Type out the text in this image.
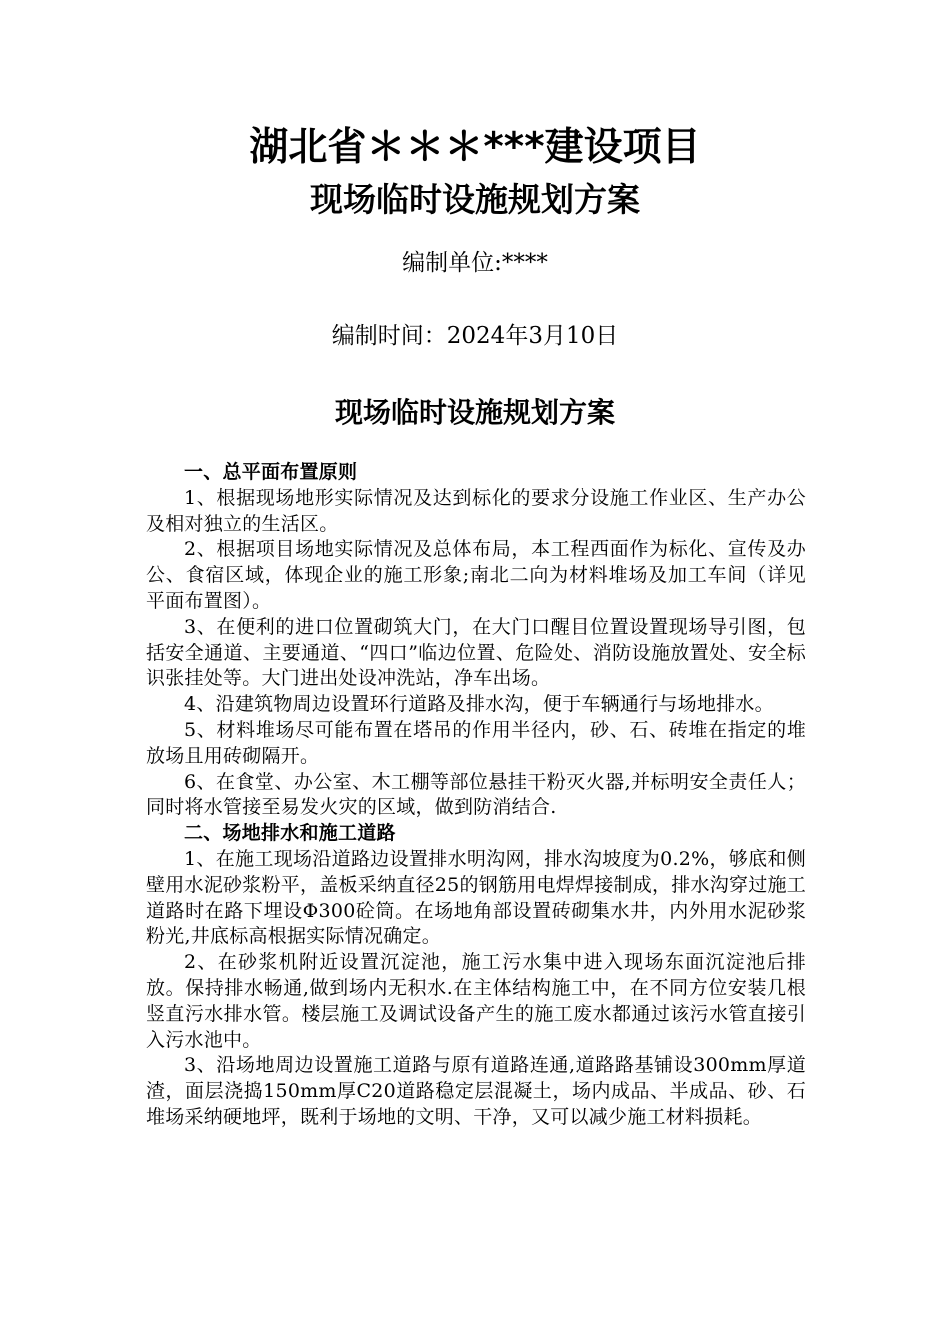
湖北省＊＊＊***建设项目
现场临时设施规划方案
编制单位:****
编制时间：2024年3月10日
现场临时设施规划方案
一、总平面布置原则

1、根据现场地形实际情况及达到标化的要求分设施工作业区、生产办公及相对独立的生活区。

2、根据项目场地实际情况及总体布局，本工程西面作为标化、宣传及办公、食宿区域，体现企业的施工形象;南北二向为材料堆场及加工车间（详见平面布置图）。

3、在便利的进口位置砌筑大门，在大门口醒目位置设置现场导引图，包括安全通道、主要通道、“四口”临边位置、危险处、消防设施放置处、安全标识张挂处等。大门进出处设冲洗站，净车出场。

4、沿建筑物周边设置环行道路及排水沟，便于车辆通行与场地排水。

5、材料堆场尽可能布置在塔吊的作用半径内，砂、石、砖堆在指定的堆放场且用砖砌隔开。

6、在食堂、办公室、木工棚等部位悬挂干粉灭火器,并标明安全责任人；同时将水管接至易发火灾的区域，做到防消结合.

二、场地排水和施工道路

1、在施工现场沿道路边设置排水明沟网，排水沟坡度为0.2%，够底和侧壁用水泥砂浆粉平，盖板采纳直径25的钢筋用电焊焊接制成，排水沟穿过施工道路时在路下埋设Φ300砼筒。在场地角部设置砖砌集水井，内外用水泥砂浆粉光,井底标高根据实际情况确定。

2、在砂浆机附近设置沉淀池，施工污水集中进入现场东面沉淀池后排放。保持排水畅通,做到场内无积水.在主体结构施工中，在不同方位安装几根竖直污水排水管。楼层施工及调试设备产生的施工废水都通过该污水管直接引入污水池中。

3、沿场地周边设置施工道路与原有道路连通,道路路基铺设300mm厚道渣，面层浇捣150mm厚C20道路稳定层混凝土，场内成品、半成品、砂、石堆场采纳硬地坪，既利于场地的文明、干净，又可以减少施工材料损耗。
